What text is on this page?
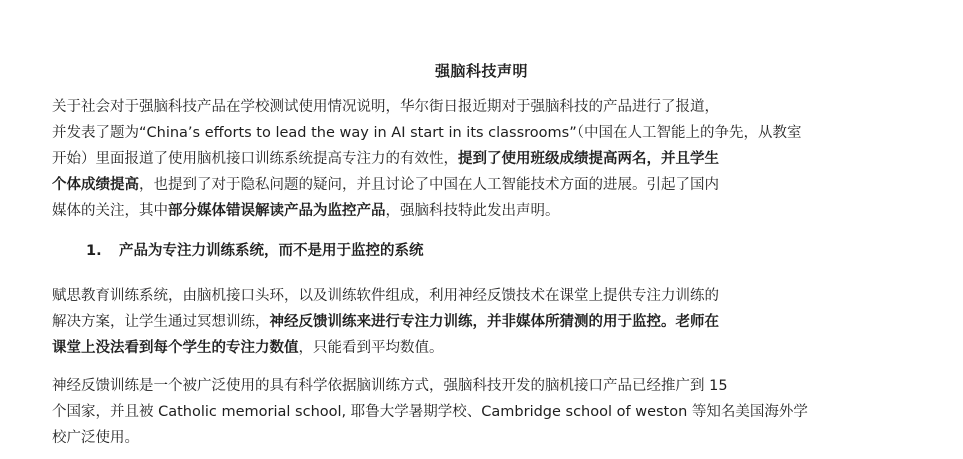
强脑科技声明

关于社会对于强脑科技产品在学校测试使用情况说明，华尔街日报近期对于强脑科技的产品进行了报道，
并发表了题为“China’s efforts to lead the way in AI start in its classrooms”（中国在人工智能上的争先，从教室
开始）里面报道了使用脑机接口训练系统提高专注力的有效性，提到了使用班级成绩提高两名，并且学生
个体成绩提高，也提到了对于隐私问题的疑问，并且讨论了中国在人工智能技术方面的进展。引起了国内
媒体的关注，其中部分媒体错误解读产品为监控产品，强脑科技特此发出声明。

1. 产品为专注力训练系统，而不是用于监控的系统

赋思教育训练系统，由脑机接口头环，以及训练软件组成，利用神经反馈技术在课堂上提供专注力训练的
解决方案，让学生通过冥想训练，神经反馈训练来进行专注力训练，并非媒体所猜测的用于监控。老师在
课堂上没法看到每个学生的专注力数值，只能看到平均数值。

神经反馈训练是一个被广泛使用的具有科学依据脑训练方式，强脑科技开发的脑机接口产品已经推广到 15
个国家，并且被 Catholic memorial school, 耶鲁大学暑期学校、Cambridge school of weston 等知名美国海外学
校广泛使用。
